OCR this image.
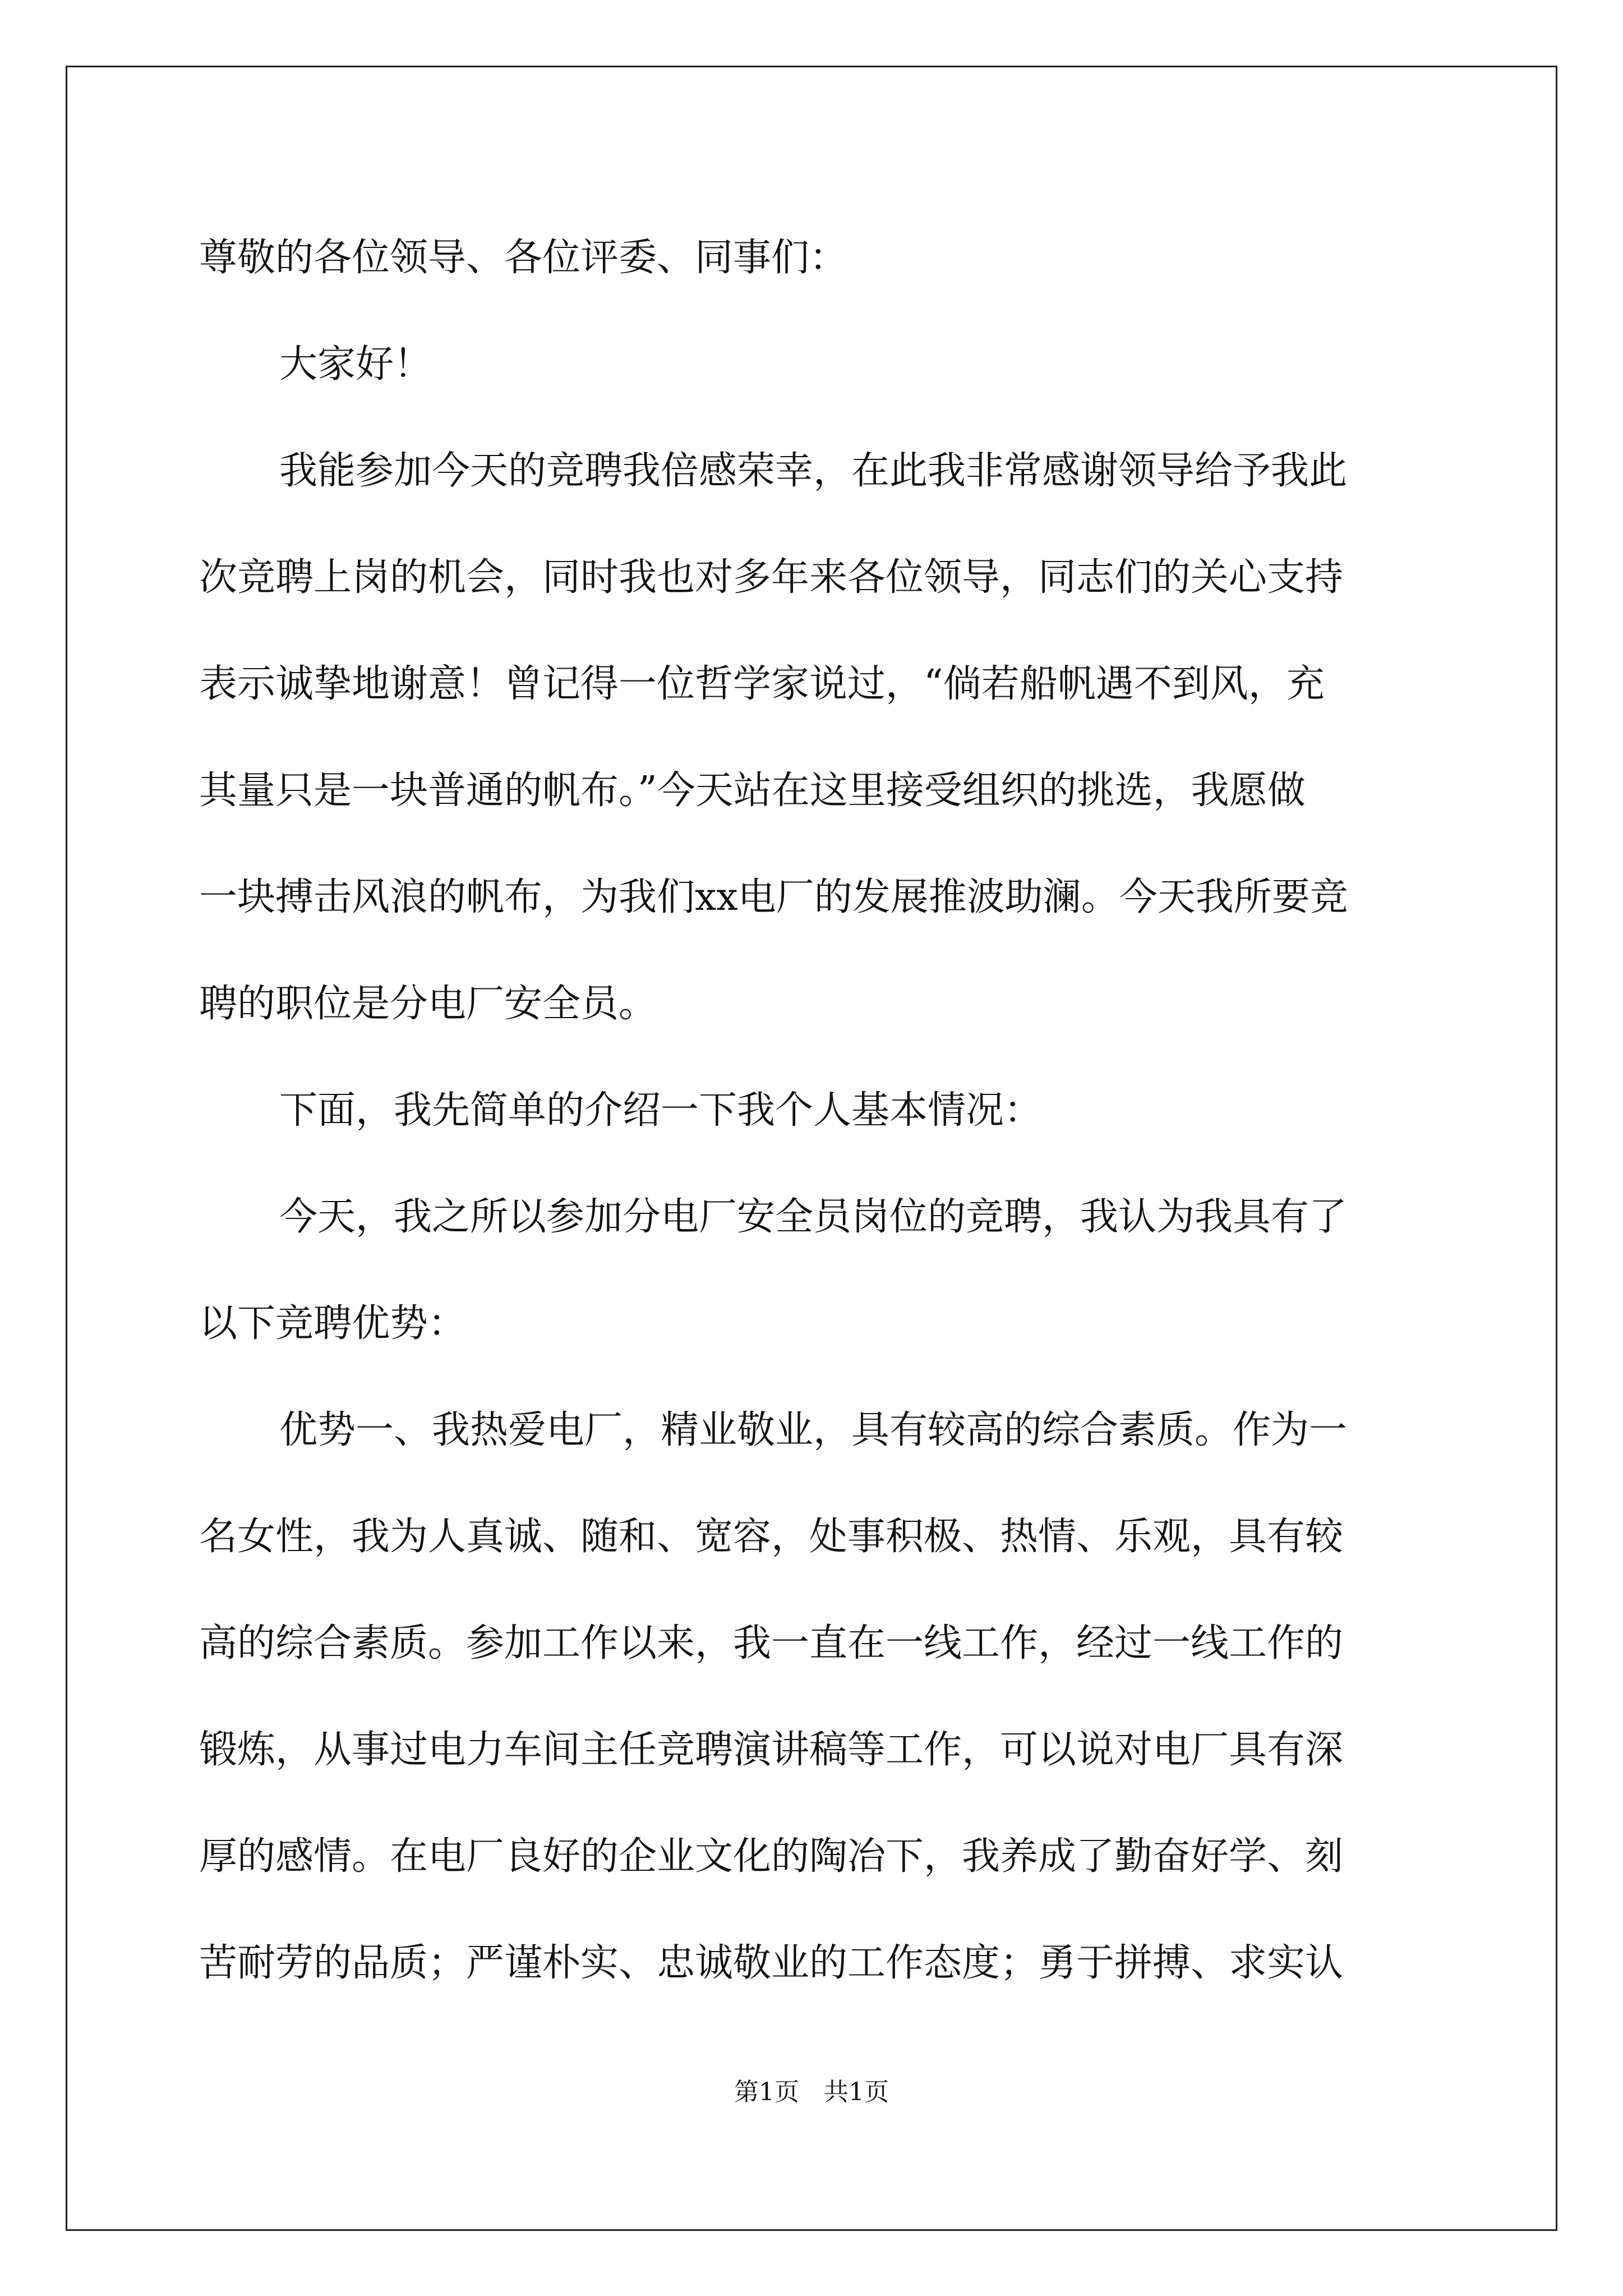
尊敬的各位领导、各位评委、同事们：
大家好！
我能参加今天的竞聘我倍感荣幸，在此我非常感谢领导给予我此
次竞聘上岗的机会，同时我也对多年来各位领导，同志们的关心支持
表示诚挚地谢意！曾记得一位哲学家说过，“倘若船帆遇不到风，充
其量只是一块普通的帆布。”今天站在这里接受组织的挑选，我愿做
一块搏击风浪的帆布，为我们xx电厂的发展推波助澜。今天我所要竞
聘的职位是分电厂安全员。
下面，我先简单的介绍一下我个人基本情况：
今天，我之所以参加分电厂安全员岗位的竞聘，我认为我具有了
以下竞聘优势：
优势一、我热爱电厂，精业敬业，具有较高的综合素质。作为一
名女性，我为人真诚、随和、宽容，处事积极、热情、乐观，具有较
高的综合素质。参加工作以来，我一直在一线工作，经过一线工作的
锻炼，从事过电力车间主任竞聘演讲稿等工作，可以说对电厂具有深
厚的感情。在电厂良好的企业文化的陶冶下，我养成了勤奋好学、刻
苦耐劳的品质；严谨朴实、忠诚敬业的工作态度；勇于拼搏、求实认
第1页　共1页
